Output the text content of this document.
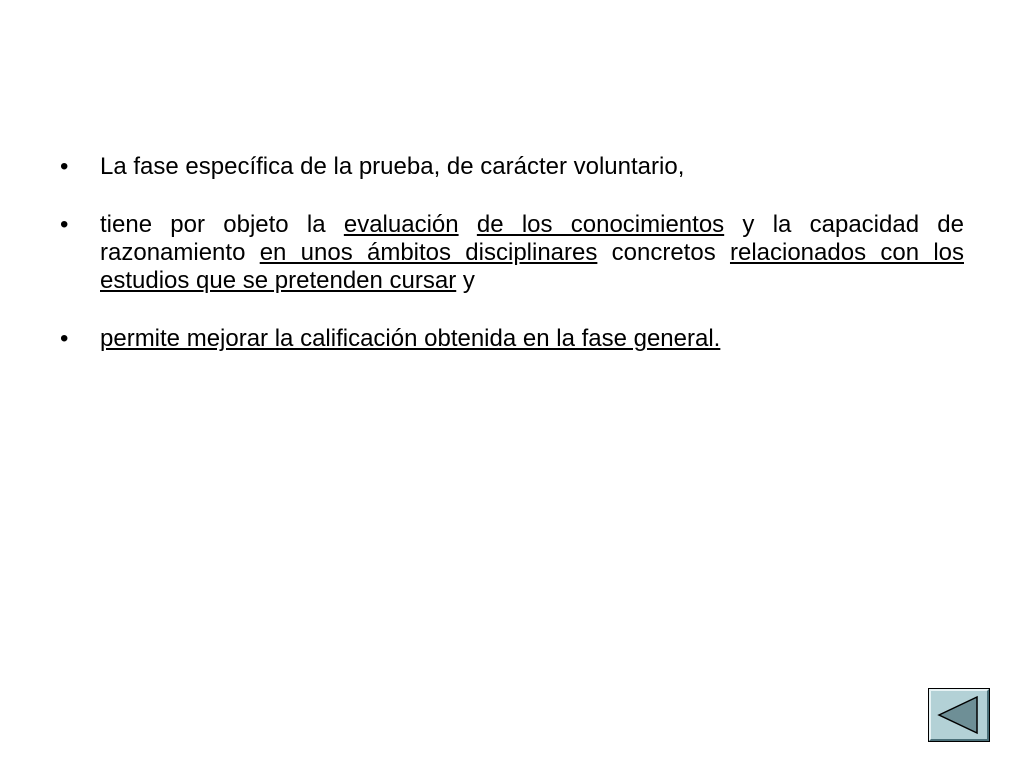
•	La fase específica de la prueba, de carácter voluntario,
•	tiene por objeto la evaluación de los conocimientos y la capacidad de razonamiento en unos ámbitos disciplinares concretos relacionados con los estudios que se pretenden cursar y
•	permite mejorar la calificación obtenida en la fase general.
